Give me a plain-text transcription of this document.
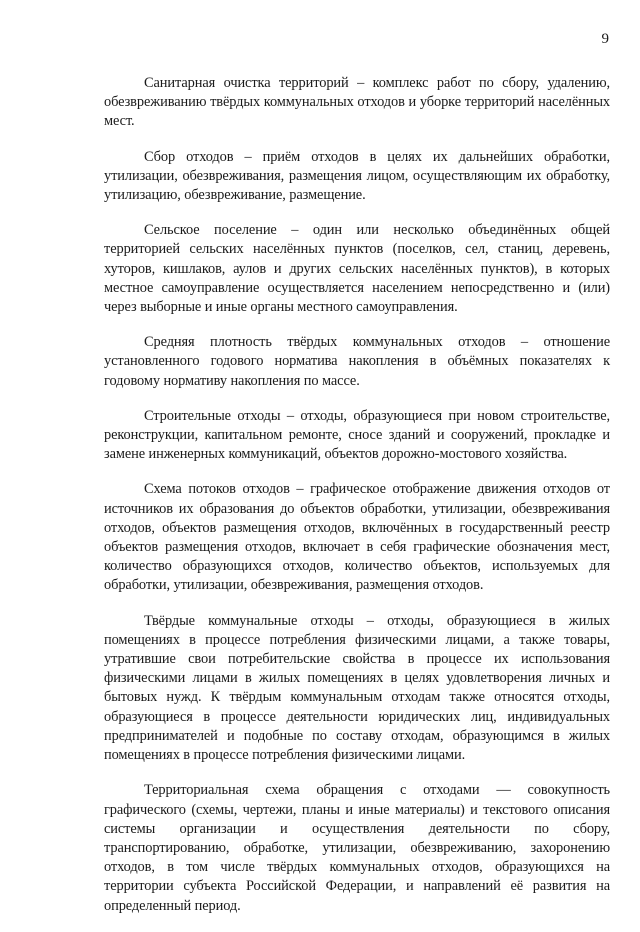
9

Санитарная очистка территорий – комплекс работ по сбору, удалению, обезвреживанию твёрдых коммунальных отходов и уборке территорий населённых мест.

Сбор отходов – приём отходов в целях их дальнейших обработки, утилизации, обезвреживания, размещения лицом, осуществляющим их обработку, утилизацию, обезвреживание, размещение.

Сельское поселение – один или несколько объединённых общей территорией сельских населённых пунктов (поселков, сел, станиц, деревень, хуторов, кишлаков, аулов и других сельских населённых пунктов), в которых местное самоуправление осуществляется населением непосредственно и (или) через выборные и иные органы местного самоуправления.

Средняя плотность твёрдых коммунальных отходов – отношение установленного годового норматива накопления в объёмных показателях к годовому нормативу накопления по массе.

Строительные отходы – отходы, образующиеся при новом строительстве, реконструкции, капитальном ремонте, сносе зданий и сооружений, прокладке и замене инженерных коммуникаций, объектов дорожно-мостового хозяйства.

Схема потоков отходов – графическое отображение движения отходов от источников их образования до объектов обработки, утилизации, обезвреживания отходов, объектов размещения отходов, включённых в государственный реестр объектов размещения отходов, включает в себя графические обозначения мест, количество образующихся отходов, количество объектов, используемых для обработки, утилизации, обезвреживания, размещения отходов.

Твёрдые коммунальные отходы – отходы, образующиеся в жилых помещениях в процессе потребления физическими лицами, а также товары, утратившие свои потребительские свойства в процессе их использования физическими лицами в жилых помещениях в целях удовлетворения личных и бытовых нужд. К твёрдым коммунальным отходам также относятся отходы, образующиеся в процессе деятельности юридических лиц, индивидуальных предпринимателей и подобные по составу отходам, образующимся в жилых помещениях в процессе потребления физическими лицами.

Территориальная схема обращения с отходами — совокупность графического (схемы, чертежи, планы и иные материалы) и текстового описания системы организации и осуществления деятельности по сбору, транспортированию, обработке, утилизации, обезвреживанию, захоронению отходов, в том числе твёрдых коммунальных отходов, образующихся на территории субъекта Российской Федерации, и направлений её развития на определенный период.
